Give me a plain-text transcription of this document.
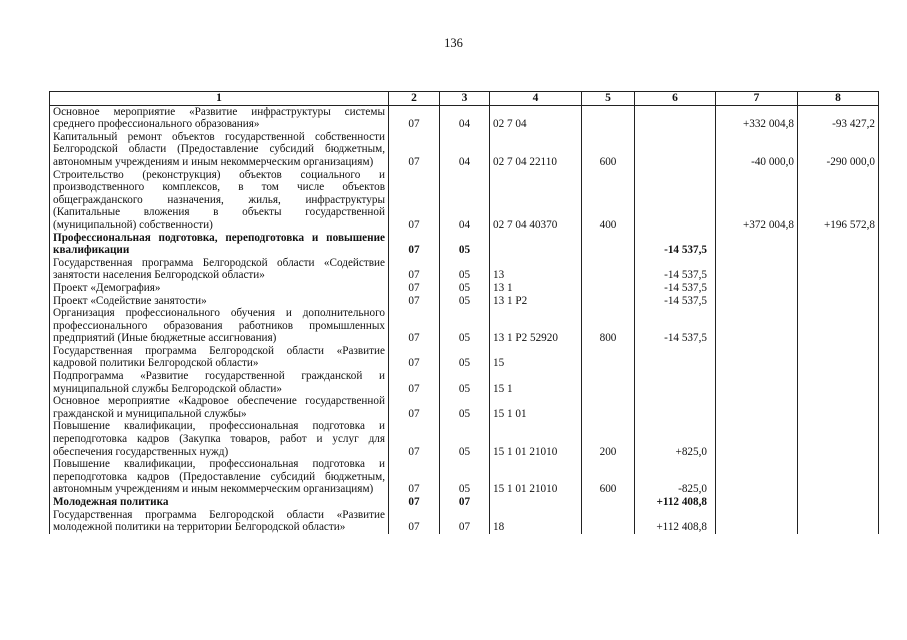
136
1	2	3	4	5	6	7	8
Основное мероприятие «Развитие инфраструктуры системы среднего профессионального образования»	07	04	02 7 04			+332 004,8	-93 427,2
Капитальный ремонт объектов государственной собственности Белгородской области (Предоставление субсидий бюджетным, автономным учреждениям и иным некоммерческим организациям)	07	04	02 7 04 22110	600		-40 000,0	-290 000,0
Строительство (реконструкция) объектов социального и производственного комплексов, в том числе объектов общегражданского назначения, жилья, инфраструктуры (Капитальные вложения в объекты государственной (муниципальной) собственности)	07	04	02 7 04 40370	400		+372 004,8	+196 572,8
Профессиональная подготовка, переподготовка и повышение квалификации	07	05			-14 537,5		
Государственная программа Белгородской области «Содействие занятости населения Белгородской области»	07	05	13		-14 537,5		
Проект «Демография»	07	05	13 1		-14 537,5		
Проект «Содействие занятости»	07	05	13 1 Р2		-14 537,5		
Организация профессионального обучения и дополнительного профессионального образования работников промышленных предприятий (Иные бюджетные ассигнования)	07	05	13 1 Р2 52920	800	-14 537,5		
Государственная программа Белгородской области «Развитие кадровой политики Белгородской области»	07	05	15				
Подпрограмма «Развитие государственной гражданской и муниципальной службы Белгородской области»	07	05	15 1				
Основное мероприятие «Кадровое обеспечение государственной гражданской и муниципальной службы»	07	05	15 1 01				
Повышение квалификации, профессиональная подготовка и переподготовка кадров (Закупка товаров, работ и услуг для обеспечения государственных нужд)	07	05	15 1 01 21010	200	+825,0		
Повышение квалификации, профессиональная подготовка и переподготовка кадров (Предоставление субсидий бюджетным, автономным учреждениям и иным некоммерческим организациям)	07	05	15 1 01 21010	600	-825,0		
Молодежная политика	07	07			+112 408,8		
Государственная программа Белгородской области «Развитие молодежной политики на территории Белгородской области»	07	07	18		+112 408,8		
